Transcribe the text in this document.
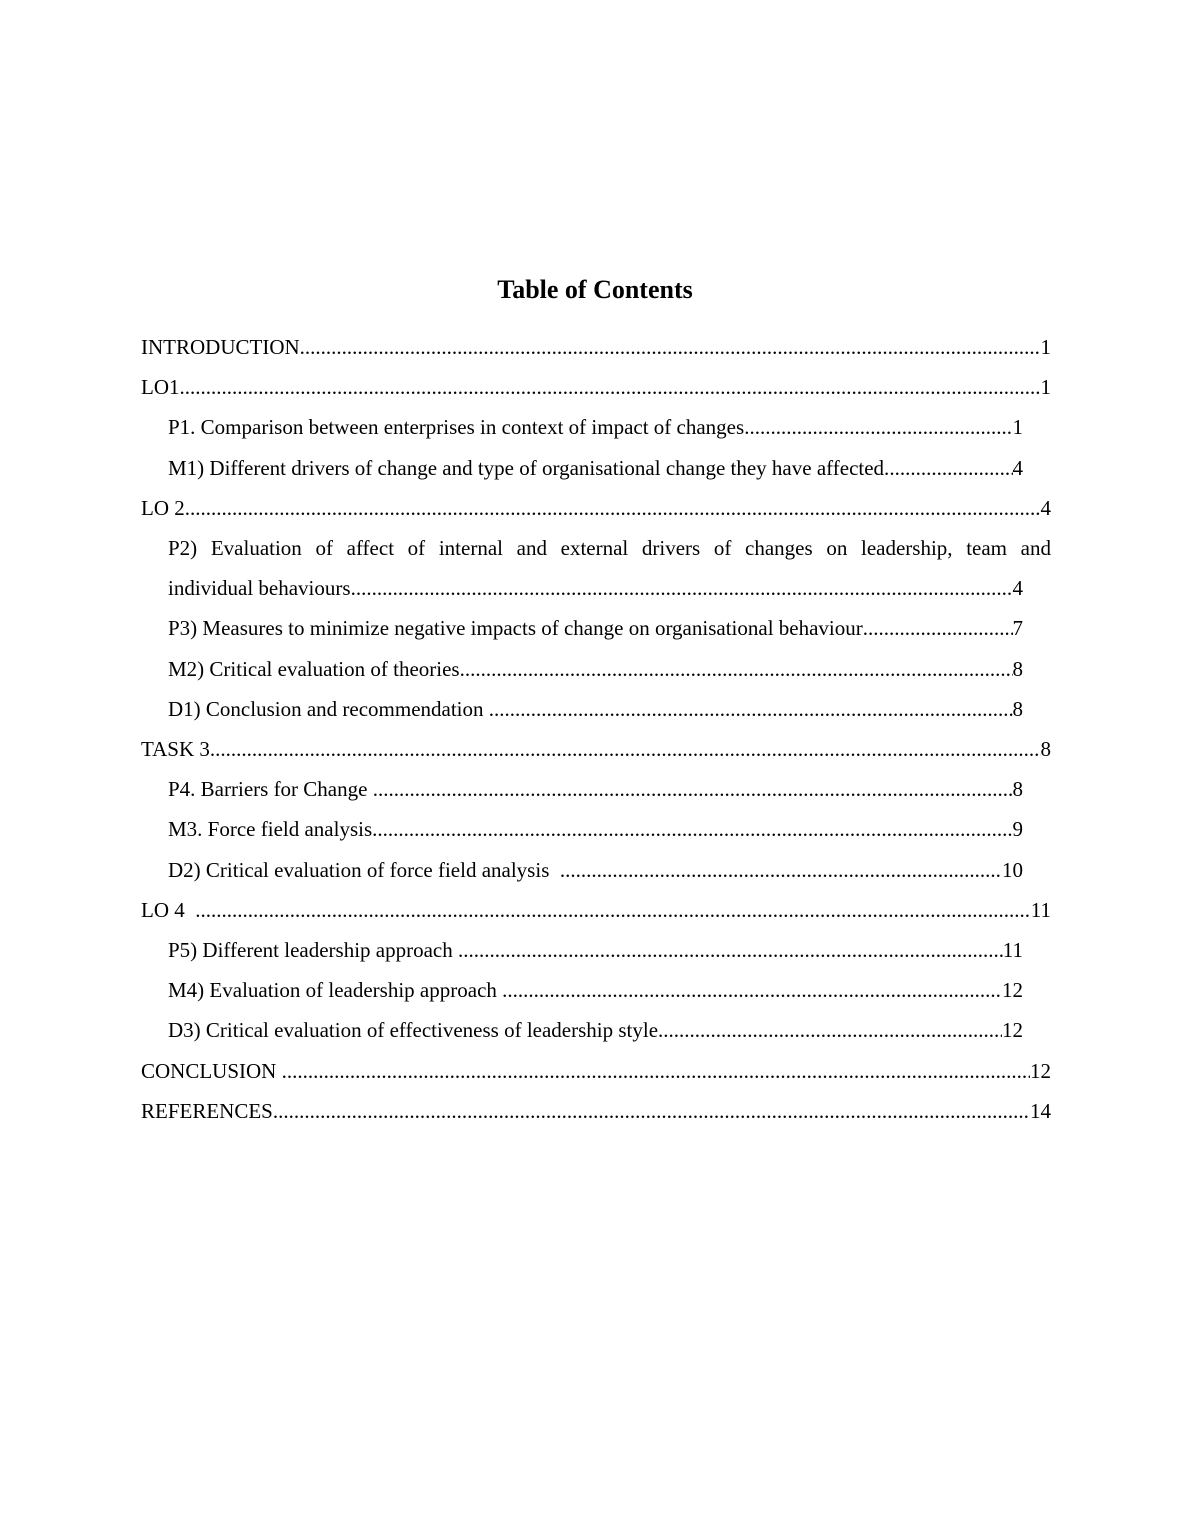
Table of Contents
INTRODUCTION .....	1
LO1 .....	1
P1. Comparison between enterprises in context of impact of changes .....	1
M1) Different drivers of change and type of organisational change they have affected. .....	4
LO 2 .....	4
P2) Evaluation of affect of internal and external drivers of changes on leadership, team and
individual behaviours .....	4
P3) Measures to minimize negative impacts of change on organisational behaviour .....	7
M2) Critical evaluation of theories .....	8
D1) Conclusion and recommendation .....	8
TASK 3 .....	8
P4. Barriers for Change .....	8
M3. Force field analysis .....	9
D2) Critical evaluation of force field analysis .....	10
LO 4 .....	11
P5) Different leadership approach .....	11
M4) Evaluation of leadership approach .....	12
D3) Critical evaluation of effectiveness of leadership style .....	12
CONCLUSION .....	12
REFERENCES .....	14
